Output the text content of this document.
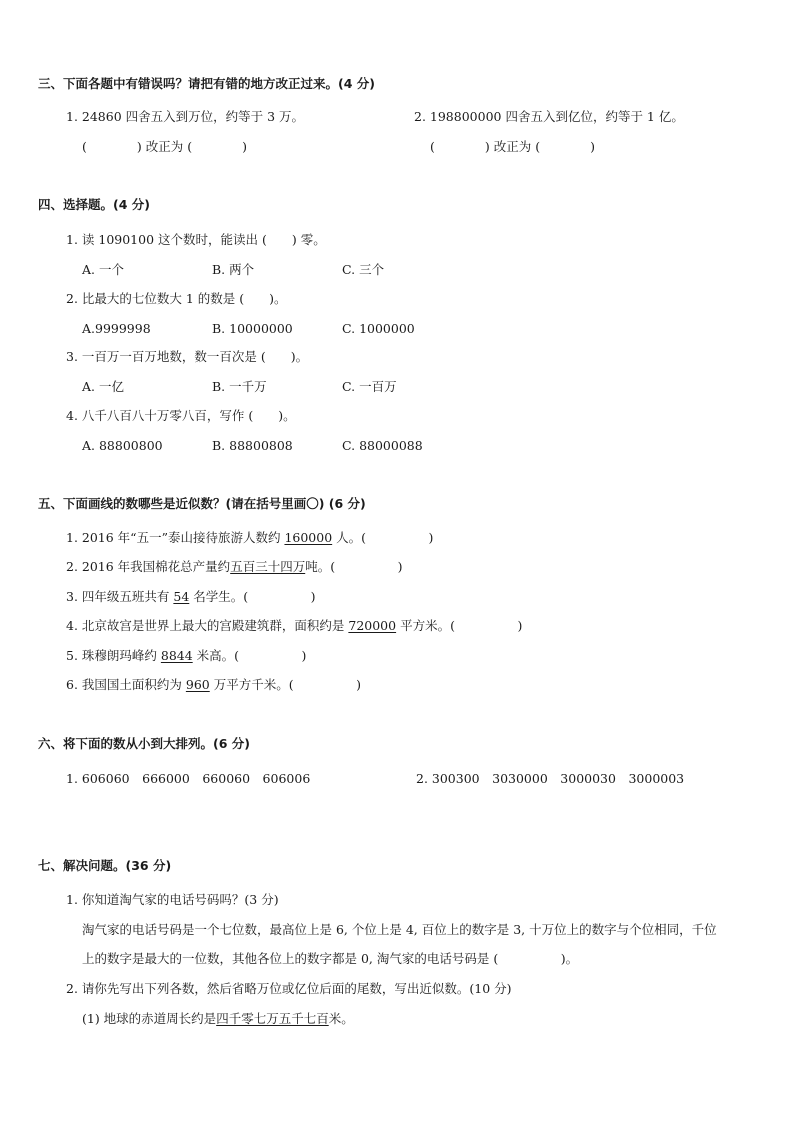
三、下面各题中有错误吗？请把有错的地方改正过来。(4 分)
1. 24860 四舍五入到万位，约等于 3 万。
(　　　　) 改正为 (　　　　)
2. 198800000 四舍五入到亿位，约等于 1 亿。
(　　　　) 改正为 (　　　　)
四、选择题。(4 分)
1. 读 1090100 这个数时，能读出 (　　) 零。
A. 一个	B. 两个	C. 三个
2. 比最大的七位数大 1 的数是 (　　)。
A.9999998	B. 10000000	C. 1000000
3. 一百万一百万地数，数一百次是 (　　)。
A. 一亿	B. 一千万	C. 一百万
4. 八千八百八十万零八百，写作 (　　)。
A. 88800800	B. 88800808	C. 88000088
五、下面画线的数哪些是近似数？(请在括号里画〇) (6 分)
1. 2016 年“五一”泰山接待旅游人数约 160000 人。(　　　　　)
2. 2016 年我国棉花总产量约五百三十四万吨。(　　　　　)
3. 四年级五班共有 54 名学生。(　　　　　)
4. 北京故宫是世界上最大的宫殿建筑群，面积约是 720000 平方米。(　　　　　)
5. 珠穆朗玛峰约 8844 米高。(　　　　　)
6. 我国国土面积约为 960 万平方千米。(　　　　　)
六、将下面的数从小到大排列。(6 分)
1. 606060　666000　660060　606006	2. 300300　3030000　3000030　3000003
七、解决问题。(36 分)
1. 你知道淘气家的电话号码吗？(3 分)
淘气家的电话号码是一个七位数，最高位上是 6, 个位上是 4, 百位上的数字是 3, 十万位上的数字与个位相同，千位
上的数字是最大的一位数，其他各位上的数字都是 0, 淘气家的电话号码是 (　　　　　)。
2. 请你先写出下列各数，然后省略万位或亿位后面的尾数，写出近似数。(10 分)
(1) 地球的赤道周长约是四千零七万五千七百米。
